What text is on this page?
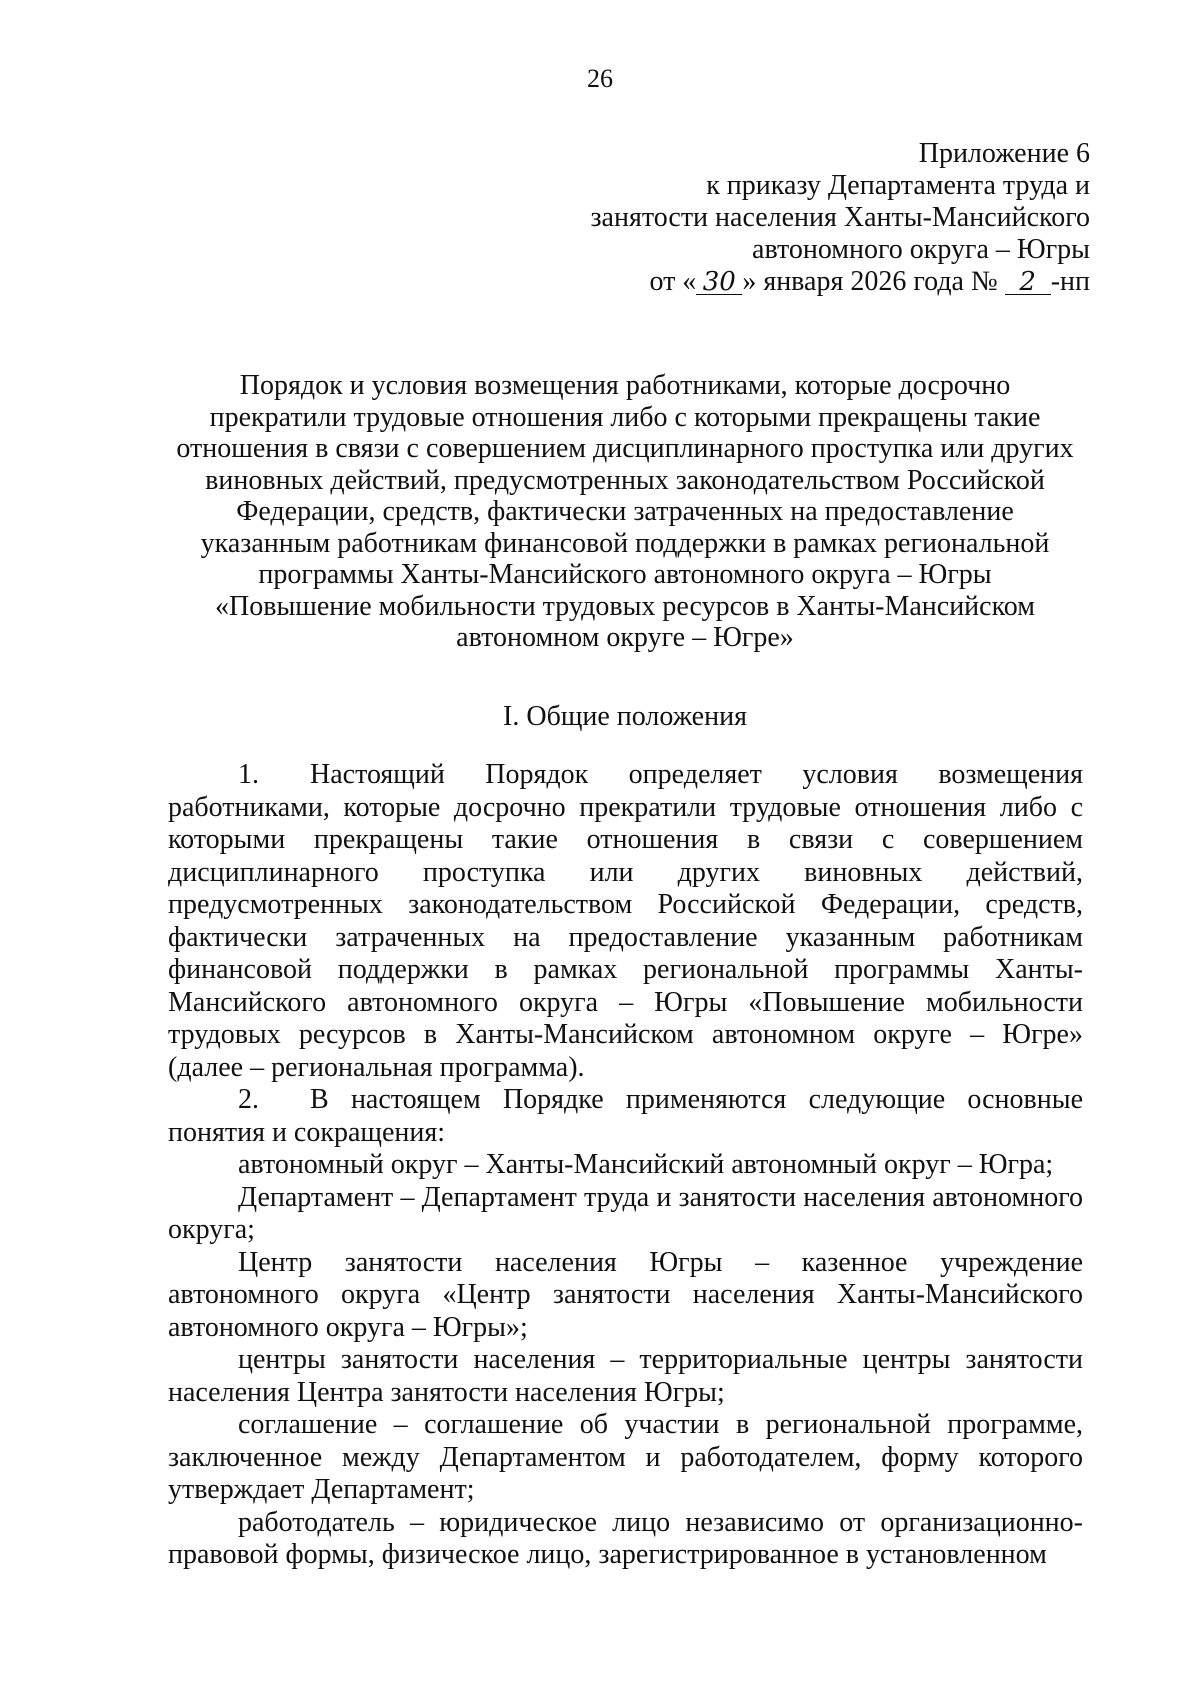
26
Приложение 6
к приказу Департамента труда и
занятости населения Ханты-Мансийского
автономного округа – Югры
от « 30 » января 2026 года № 2 -нп
Порядок и условия возмещения работниками, которые досрочно
прекратили трудовые отношения либо с которыми прекращены такие
отношения в связи с совершением дисциплинарного проступка или других
виновных действий, предусмотренных законодательством Российской
Федерации, средств, фактически затраченных на предоставление
указанным работникам финансовой поддержки в рамках региональной
программы Ханты-Мансийского автономного округа – Югры
«Повышение мобильности трудовых ресурсов в Ханты-Мансийском
автономном округе – Югре»
I. Общие положения

1. Настоящий Порядок определяет условия возмещения работниками, которые досрочно прекратили трудовые отношения либо с которыми прекращены такие отношения в связи с совершением дисциплинарного проступка или других виновных действий, предусмотренных законодательством Российской Федерации, средств, фактически затраченных на предоставление указанным работникам финансовой поддержки в рамках региональной программы Ханты-Мансийского автономного округа – Югры «Повышение мобильности трудовых ресурсов в Ханты-Мансийском автономном округе – Югре» (далее – региональная программа).

2. В настоящем Порядке применяются следующие основные понятия и сокращения:

автономный округ – Ханты-Мансийский автономный округ – Югра;

Департамент – Департамент труда и занятости населения автономного округа;

Центр занятости населения Югры – казенное учреждение автономного округа «Центр занятости населения Ханты-Мансийского автономного округа – Югры»;

центры занятости населения – территориальные центры занятости населения Центра занятости населения Югры;

соглашение – соглашение об участии в региональной программе, заключенное между Департаментом и работодателем, форму которого утверждает Департамент;

работодатель – юридическое лицо независимо от организационно-правовой формы, физическое лицо, зарегистрированное в установленном
